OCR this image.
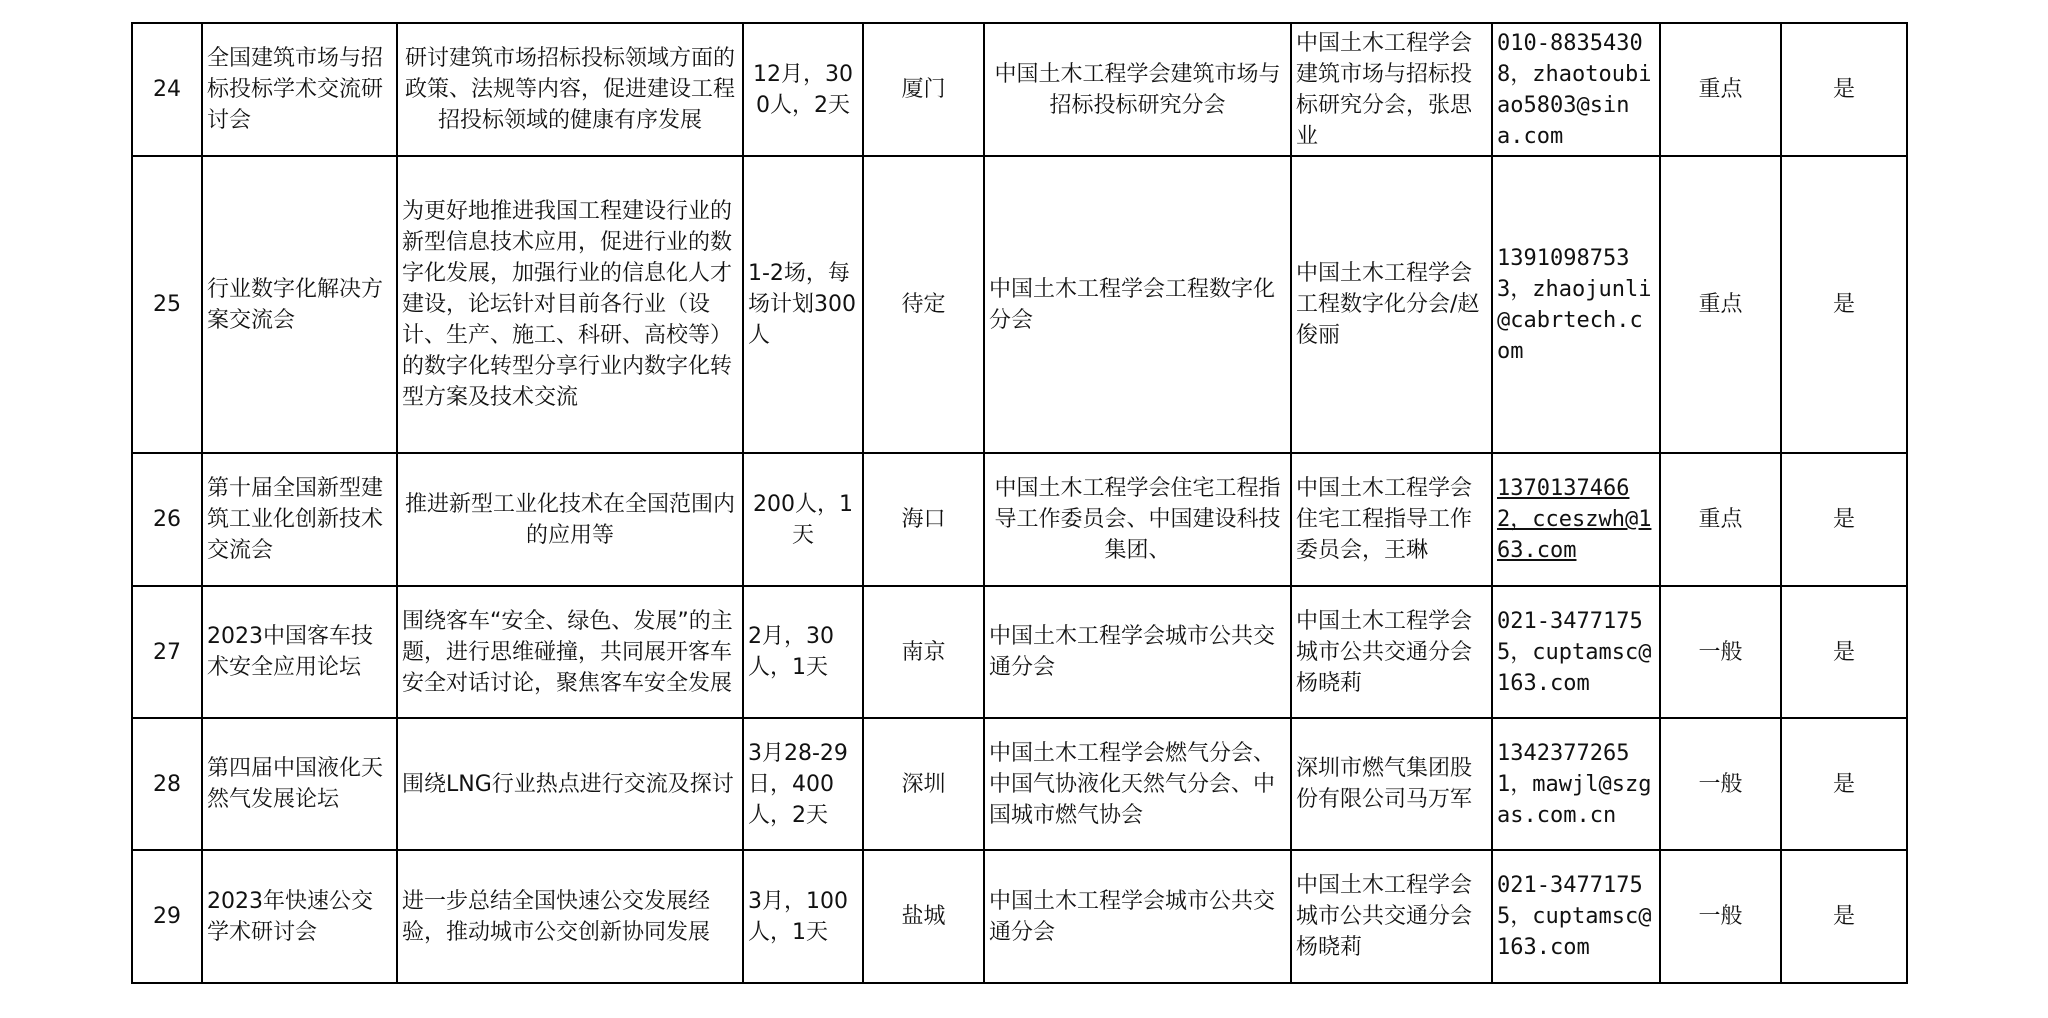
24	全国建筑市场与招标投标学术交流研讨会	研讨建筑市场招标投标领域方面的政策、法规等内容，促进建设工程招投标领域的健康有序发展	12月，300人，2天	厦门	中国土木工程学会建筑市场与招标投标研究分会	中国土木工程学会建筑市场与招标投标研究分会，张思业	010-88354308，zhaotoubiao5803@sina.com	重点	是
25	行业数字化解决方案交流会	为更好地推进我国工程建设行业的新型信息技术应用，促进行业的数字化发展，加强行业的信息化人才建设，论坛针对目前各行业（设计、生产、施工、科研、高校等）的数字化转型分享行业内数字化转型方案及技术交流	1-2场，每场计划300人	待定	中国土木工程学会工程数字化分会	中国土木工程学会工程数字化分会/赵俊丽	13910987533，zhaojunli@cabrtech.com	重点	是
26	第十届全国新型建筑工业化创新技术交流会	推进新型工业化技术在全国范围内的应用等	200人，1天	海口	中国土木工程学会住宅工程指导工作委员会、中国建设科技集团、	中国土木工程学会住宅工程指导工作委员会，王琳	13701374662，cceszwh@163.com	重点	是
27	2023中国客车技术安全应用论坛	围绕客车“安全、绿色、发展”的主题，进行思维碰撞，共同展开客车安全对话讨论，聚焦客车安全发展	2月，30人，1天	南京	中国土木工程学会城市公共交通分会	中国土木工程学会城市公共交通分会杨晓莉	021-34771755，cuptamsc@163.com	一般	是
28	第四届中国液化天然气发展论坛	围绕LNG行业热点进行交流及探讨	3月28-29日，400人，2天	深圳	中国土木工程学会燃气分会、中国气协液化天然气分会、中国城市燃气协会	深圳市燃气集团股份有限公司马万军	13423772651，mawjl@szgas.com.cn	一般	是
29	2023年快速公交学术研讨会	进一步总结全国快速公交发展经验，推动城市公交创新协同发展	3月，100人，1天	盐城	中国土木工程学会城市公共交通分会	中国土木工程学会城市公共交通分会杨晓莉	021-34771755，cuptamsc@163.com	一般	是
